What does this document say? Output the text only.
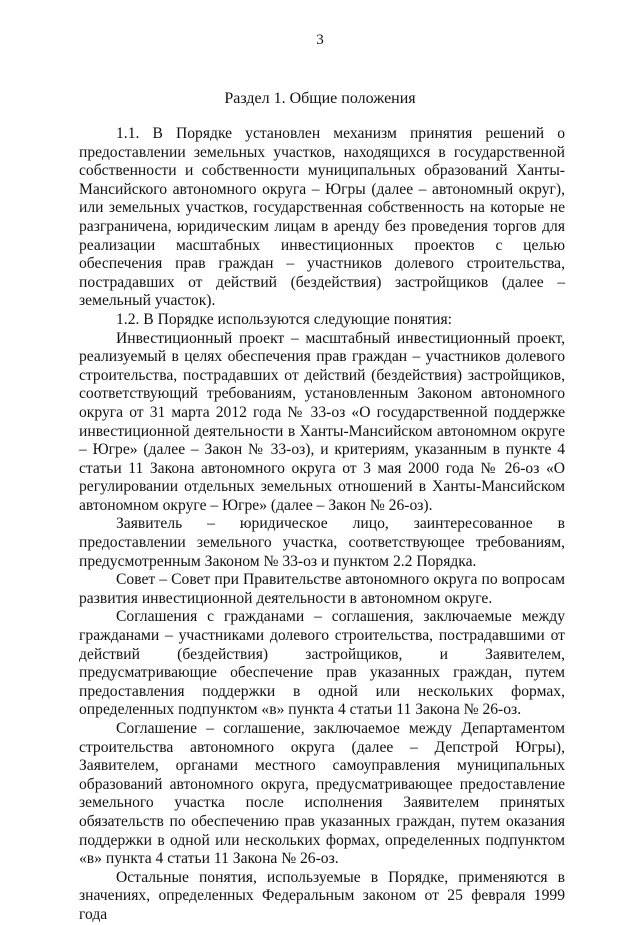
3
Раздел 1. Общие положения

1.1. В Порядке установлен механизм принятия решений о предоставлении земельных участков, находящихся в государственной собственности и собственности муниципальных образований Ханты-Мансийского автономного округа – Югры (далее – автономный округ), или земельных участков, государственная собственность на которые не разграничена, юридическим лицам в аренду без проведения торгов для реализации масштабных инвестиционных проектов с целью обеспечения прав граждан – участников долевого строительства, пострадавших от действий (бездействия) застройщиков (далее – земельный участок).

1.2. В Порядке используются следующие понятия:

Инвестиционный проект – масштабный инвестиционный проект, реализуемый в целях обеспечения прав граждан – участников долевого строительства, пострадавших от действий (бездействия) застройщиков, соответствующий требованиям, установленным Законом автономного округа от 31 марта 2012 года № 33-оз «О государственной поддержке инвестиционной деятельности в Ханты-Мансийском автономном округе – Югре» (далее – Закон № 33-оз), и критериям, указанным в пункте 4 статьи 11 Закона автономного округа от 3 мая 2000 года № 26-оз «О регулировании отдельных земельных отношений в Ханты-Мансийском автономном округе – Югре» (далее – Закон № 26-оз).

Заявитель – юридическое лицо, заинтересованное в предоставлении земельного участка, соответствующее требованиям, предусмотренным Законом № 33-оз и пунктом 2.2 Порядка.

Совет – Совет при Правительстве автономного округа по вопросам развития инвестиционной деятельности в автономном округе.

Соглашения с гражданами – соглашения, заключаемые между гражданами – участниками долевого строительства, пострадавшими от действий (бездействия) застройщиков, и Заявителем, предусматривающие обеспечение прав указанных граждан, путем предоставления поддержки в одной или нескольких формах, определенных подпунктом «в» пункта 4 статьи 11 Закона № 26-оз.

Соглашение – соглашение, заключаемое между Департаментом строительства автономного округа (далее – Депстрой Югры), Заявителем, органами местного самоуправления муниципальных образований автономного округа, предусматривающее предоставление земельного участка после исполнения Заявителем принятых обязательств по обеспечению прав указанных граждан, путем оказания поддержки в одной или нескольких формах, определенных подпунктом «в» пункта 4 статьи 11 Закона № 26-оз.

Остальные понятия, используемые в Порядке, применяются в значениях, определенных Федеральным законом от 25 февраля 1999 года
